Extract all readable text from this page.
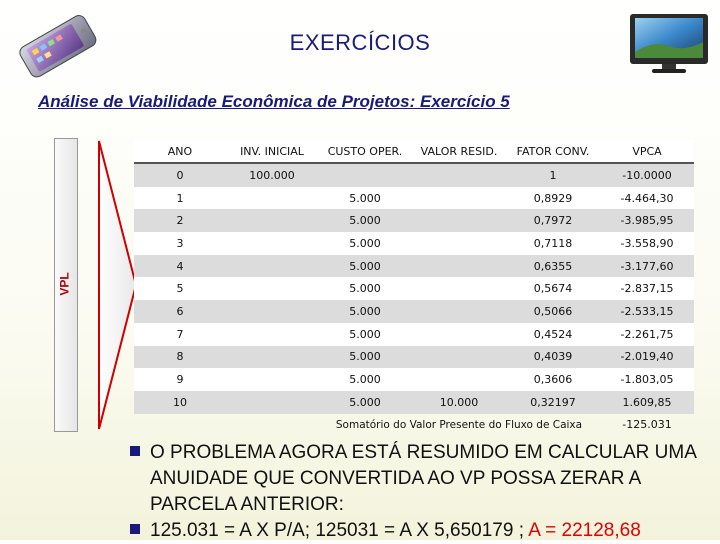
EXERCÍCIOS
Análise de Viabilidade Econômica de Projetos: Exercício 5
VPL
ANO	INV. INICIAL	CUSTO OPER.	VALOR RESID.	FATOR CONV.	VPCA
0	100.000			1	-10.0000
1		5.000		0,8929	-4.464,30
2		5.000		0,7972	-3.985,95
3		5.000		0,7118	-3.558,90
4		5.000		0,6355	-3.177,60
5		5.000		0,5674	-2.837,15
6		5.000		0,5066	-2.533,15
7		5.000		0,4524	-2.261,75
8		5.000		0,4039	-2.019,40
9		5.000		0,3606	-1.803,05
10		5.000	10.000	0,32197	1.609,85
		Somatório do Valor Presente do Fluxo de Caixa			-125.031
O PROBLEMA AGORA ESTÁ RESUMIDO EM CALCULAR UMA ANUIDADE QUE CONVERTIDA AO VP POSSA ZERAR A PARCELA ANTERIOR:
125.031 = A X P/A; 125031 = A X 5,650179 ; A = 22128,68
